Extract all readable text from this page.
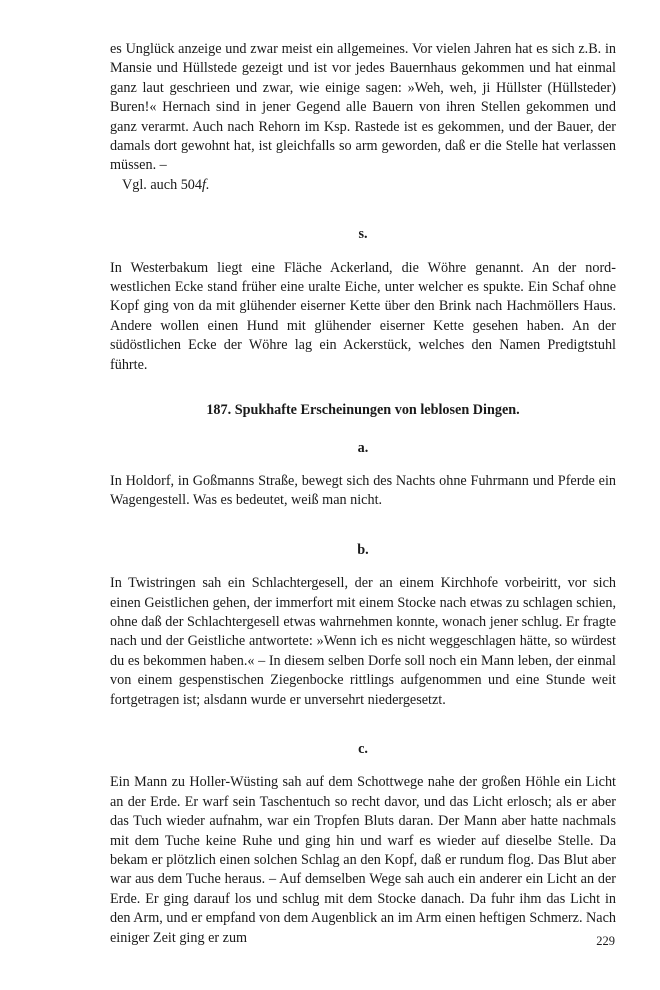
es Unglück anzeige und zwar meist ein allgemeines. Vor vielen Jahren hat es sich z.B. in Mansie und Hüllstede gezeigt und ist vor jedes Bauernhaus gekommen und hat einmal ganz laut geschrieen und zwar, wie einige sagen: »Weh, weh, ji Hüllster (Hüllsteder) Buren!« Hernach sind in jener Gegend alle Bauern von ihren Stellen gekommen und ganz verarmt. Auch nach Rehorn im Ksp. Rastede ist es gekommen, und der Bauer, der damals dort gewohnt hat, ist gleichfalls so arm geworden, daß er die Stelle hat verlassen müssen. –

Vgl. auch 504f.

s.

In Westerbakum liegt eine Fläche Ackerland, die Wöhre genannt. An der nord-westlichen Ecke stand früher eine uralte Eiche, unter welcher es spukte. Ein Schaf ohne Kopf ging von da mit glühender eiserner Kette über den Brink nach Hachmöllers Haus. Andere wollen einen Hund mit glühender eiserner Kette gesehen haben. An der südöstlichen Ecke der Wöhre lag ein Ackerstück, welches den Namen Predigtstuhl führte.

187. Spukhafte Erscheinungen von leblosen Dingen.
a.

In Holdorf, in Goßmanns Straße, bewegt sich des Nachts ohne Fuhrmann und Pferde ein Wagengestell. Was es bedeutet, weiß man nicht.

b.

In Twistringen sah ein Schlachtergesell, der an einem Kirchhofe vorbeiritt, vor sich einen Geistlichen gehen, der immerfort mit einem Stocke nach etwas zu schlagen schien, ohne daß der Schlachtergesell etwas wahrnehmen konnte, wonach jener schlug. Er fragte nach und der Geistliche antwortete: »Wenn ich es nicht weggeschlagen hätte, so würdest du es bekommen haben.« – In diesem selben Dorfe soll noch ein Mann leben, der einmal von einem gespenstischen Ziegenbocke rittlings aufgenommen und eine Stunde weit fortgetragen ist; alsdann wurde er unversehrt niedergesetzt.

c.

Ein Mann zu Holler-Wüsting sah auf dem Schottwege nahe der großen Höhle ein Licht an der Erde. Er warf sein Taschentuch so recht davor, und das Licht erlosch; als er aber das Tuch wieder aufnahm, war ein Tropfen Bluts daran. Der Mann aber hatte nachmals mit dem Tuche keine Ruhe und ging hin und warf es wieder auf dieselbe Stelle. Da bekam er plötzlich einen solchen Schlag an den Kopf, daß er rundum flog. Das Blut aber war aus dem Tuche heraus. – Auf demselben Wege sah auch ein anderer ein Licht an der Erde. Er ging darauf los und schlug mit dem Stocke danach. Da fuhr ihm das Licht in den Arm, und er empfand von dem Augenblick an im Arm einen heftigen Schmerz. Nach einiger Zeit ging er zum	229
